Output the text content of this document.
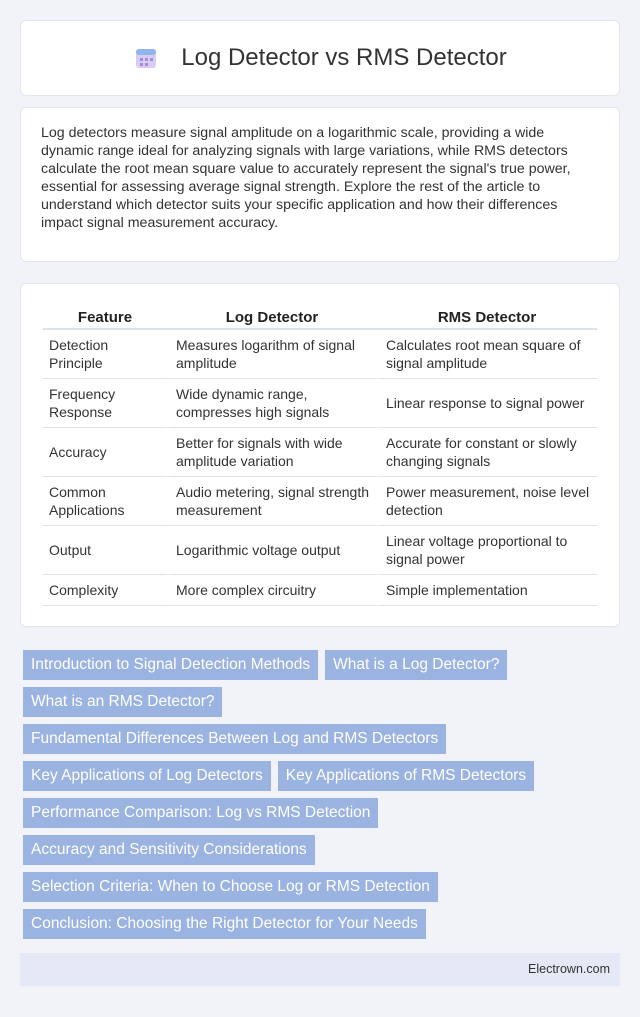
Log Detector vs RMS Detector

Log detectors measure signal amplitude on a logarithmic scale, providing a wide dynamic range ideal for analyzing signals with large variations, while RMS detectors calculate the root mean square value to accurately represent the signal's true power, essential for assessing average signal strength. Explore the rest of the article to understand which detector suits your specific application and how their differences impact signal measurement accuracy.

Feature	Log Detector	RMS Detector
Detection Principle	Measures logarithm of signal amplitude	Calculates root mean square of signal amplitude
Frequency Response	Wide dynamic range, compresses high signals	Linear response to signal power
Accuracy	Better for signals with wide amplitude variation	Accurate for constant or slowly changing signals
Common Applications	Audio metering, signal strength measurement	Power measurement, noise level detection
Output	Logarithmic voltage output	Linear voltage proportional to signal power
Complexity	More complex circuitry	Simple implementation
Introduction to Signal Detection Methods	What is a Log Detector?
What is an RMS Detector?
Fundamental Differences Between Log and RMS Detectors
Key Applications of Log Detectors	Key Applications of RMS Detectors
Performance Comparison: Log vs RMS Detection
Accuracy and Sensitivity Considerations
Selection Criteria: When to Choose Log or RMS Detection
Conclusion: Choosing the Right Detector for Your Needs
Electrown.com
